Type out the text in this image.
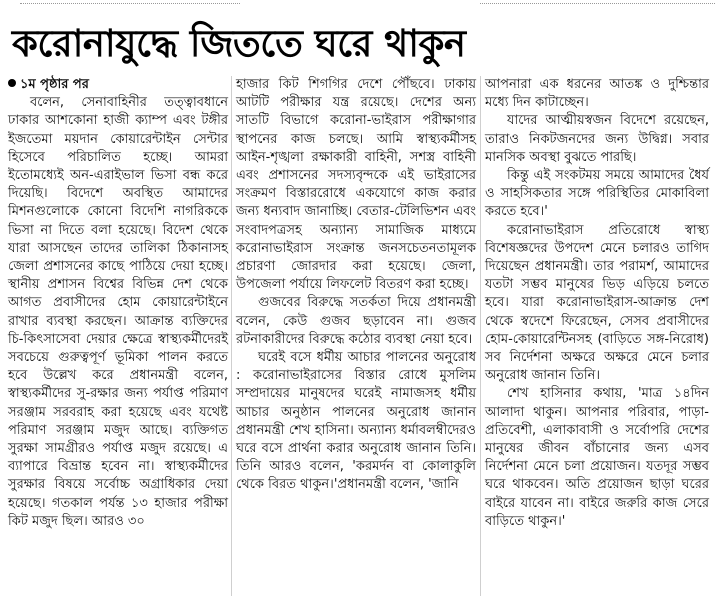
করোনাযুদ্ধে জিততে ঘরে থাকুন

১ম পৃষ্ঠার পর

বলেন, সেনাবাহিনীর তত্ত্বাবধানে ঢাকার আশকোনা হাজী ক্যাম্প এবং টঙ্গীর ইজতেমা ময়দান কোয়ারেন্টাইন সেন্টার হিসেবে পরিচালিত হচ্ছে। আমরা ইতোমধ্যেই অন-এরাইভাল ভিসা বন্ধ করে দিয়েছি। বিদেশে অবস্থিত আমাদের মিশনগুলোকে কোনো বিদেশি নাগরিককে ভিসা না দিতে বলা হয়েছে। বিদেশ থেকে যারা আসছেন তাদের তালিকা ঠিকানাসহ জেলা প্রশাসনের কাছে পাঠিয়ে দেয়া হচ্ছে। স্থানীয় প্রশাসন বিশ্বের বিভিন্ন দেশ থেকে আগত প্রবাসীদের হোম কোয়ারেন্টাইনে রাখার ব্যবস্থা করছেন। আক্রান্ত ব্যক্তিদের চি-কিৎসাসেবা দেয়ার ক্ষেত্রে স্বাস্থ্যকর্মীদেরই সবচেয়ে গুরুত্বপূর্ণ ভূমিকা পালন করতে হবে উল্লেখ করে প্রধানমন্ত্রী বলেন, স্বাস্থ্যকর্মীদের সু-রক্ষার জন্য পর্যাপ্ত পরিমাণ সরঞ্জাম সরবরাহ করা হয়েছে এবং যথেষ্ট পরিমাণ সরঞ্জাম মজুদ আছে। ব্যক্তিগত সুরক্ষা সামগ্রীরও পর্যাপ্ত মজুদ রয়েছে। এ ব্যাপারে বিভ্রান্ত হবেন না। স্বাস্থ্যকর্মীদের সুরক্ষার বিষয়ে সর্বোচ্চ অগ্রাধিকার দেয়া হয়েছে। গতকাল পর্যন্ত ১৩ হাজার পরীক্ষা কিট মজুদ ছিল। আরও ৩০

হাজার কিট শিগগির দেশে পৌঁছবে। ঢাকায় আটটি পরীক্ষার যন্ত্র রয়েছে। দেশের অন্য সাতটি বিভাগে করোনা-ভাইরাস পরীক্ষাগার স্থাপনের কাজ চলছে। আমি স্বাস্থ্যকর্মীসহ আইন-শৃঙ্খলা রক্ষাকারী বাহিনী, সশস্ত্র বাহিনী এবং প্রশাসনের সদস্যবৃন্দকে এই ভাইরাসের সংক্রমণ বিস্তাররোধে একযোগে কাজ করার জন্য ধন্যবাদ জানাচ্ছি। বেতার-টেলিভিশন এবং সংবাদপত্রসহ অন্যান্য সামাজিক মাধ্যমে করোনাভাইরাস সংক্রান্ত জনসচেতনতামূলক প্রচারণা জোরদার করা হয়েছে। জেলা, উপজেলা পর্যায়ে লিফলেট বিতরণ করা হচ্ছে।

গুজবের বিরুদ্ধে সতর্কতা দিয়ে প্রধানমন্ত্রী বলেন, কেউ গুজব ছড়াবেন না। গুজব রটনাকারীদের বিরুদ্ধে কঠোর ব্যবস্থা নেয়া হবে।

ঘরেই বসে ধর্মীয় আচার পালনের অনুরোধ : করোনাভাইরাসের বিস্তার রোধে মুসলিম সম্প্রদায়ের মানুষদের ঘরেই নামাজসহ ধর্মীয় আচার অনুষ্ঠান পালনের অনুরোধ জানান প্রধানমন্ত্রী শেখ হাসিনা। অন্যান্য ধর্মাবলম্বীদেরও ঘরে বসে প্রার্থনা করার অনুরোধ জানান তিনি। তিনি আরও বলেন, 'করমর্দন বা কোলাকুলি থেকে বিরত থাকুন।'প্রধানমন্ত্রী বলেন, 'জানি

আপনারা এক ধরনের আতঙ্ক ও দুশ্চিন্তার মধ্যে দিন কাটাচ্ছেন।

যাদের আত্মীয়স্বজন বিদেশে রয়েছেন, তারাও নিকটজনদের জন্য উদ্বিগ্ন। সবার মানসিক অবস্থা বুঝতে পারছি।

কিন্তু এই সংকটময় সময়ে আমাদের ধৈর্য ও সাহসিকতার সঙ্গে পরিস্থিতির মোকাবিলা করতে হবে।'

করোনাভাইরাস প্রতিরোধে স্বাস্থ্য বিশেষজ্ঞদের উপদেশ মেনে চলারও তাগিদ দিয়েছেন প্রধানমন্ত্রী। তার পরামর্শ, আমাদের যতটা সম্ভব মানুষের ভিড় এড়িয়ে চলতে হবে। যারা করোনাভাইরাস-আক্রান্ত দেশ থেকে স্বদেশে ফিরেছেন, সেসব প্রবাসীদের হোম-কোয়ারেন্টিনসহ (বাড়িতে সঙ্গ-নিরোধ) সব নির্দেশনা অক্ষরে অক্ষরে মেনে চলার অনুরোধ জানান তিনি।

শেখ হাসিনার কথায়, 'মাত্র ১৪দিন আলাদা থাকুন। আপনার পরিবার, পাড়া-প্রতিবেশী, এলাকাবাসী ও সর্বোপরি দেশের মানুষের জীবন বাঁচানোর জন্য এসব নির্দেশনা মেনে চলা প্রয়োজন। যতদূর সম্ভব ঘরে থাকবেন। অতি প্রয়োজন ছাড়া ঘরের বাইরে যাবেন না। বাইরে জরুরি কাজ সেরে বাড়িতে থাকুন।'
